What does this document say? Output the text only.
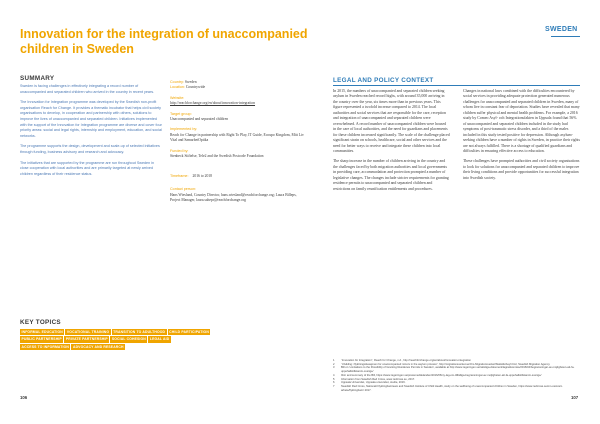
Innovation for the integration of unaccompanied children in Sweden
SWEDEN
SUMMARY

Sweden is facing challenges in effectively integrating a record number of unaccompanied and separated children who arrived in the country in recent years.

The Innovation for Integration programme was developed by the Swedish non-profit organisation Reach for Change. It provides a thematic incubator that helps civil society organisations to develop, in cooperation and partnership with others, solutions to improve the lives of unaccompanied and separated children. Initiatives implemented with the support of the Innovation for Integration programme are diverse and cover four priority areas: social and legal rights, internship and employment, education, and social networks.

The programme supports the design, development and scale-up of selected initiatives through funding, business advisory and research and advocacy.

The initiatives that are supported by the programme are run throughout Sweden in close cooperation with local authorities and are primarily targeted at newly arrived children regardless of their residence status.

Country: Sweden
Location: Countrywide
Website:
http://reachforchange.org/en/about/innovation-integration
Target group:
Unaccompanied and separated children
Implemented by:
Reach for Change in partnership with Right To Play, IT Guide, Ecoupo Kingdom, Mitt Liv Vital and SamarbetOptika
Funded by:
Stenbeck Stiftelse, Tele2 and the Swedish Postcode Foundation
Timeframe: 2016 to 2018
Contact person:
Hans Wiesland, Country Director, hans.wiesland@reachforchange.org; Laura Billeps, Project Manager, laura.sahepr@reachforchange.org
LEGAL AND POLICY CONTEXT

In 2015, the numbers of unaccompanied and separated children seeking asylum in Sweden reached record highs, with around 35,000 arriving in the country over the year, six times more than in previous years. This figure represented a twofold increase compared to 2014. The local authorities and social services that are responsible for the care, reception and integration of unaccompanied and separated children were overwhelmed. A record number of unaccompanied children were housed in the care of local authorities, and the need for guardians and placements for these children increased significantly. The scale of the challenge placed significant strain on schools, healthcare, social and other services and the need for better ways to receive and integrate these children into local communities.

The sharp increase in the number of children arriving in the country and the challenges faced by both migration authorities and local governments in providing care, accommodation and protection prompted a number of legislative changes. The changes include stricter requirements for granting residence permits to unaccompanied and separated children and restrictions on family reunification entitlements and procedures.

Changes in national laws combined with the difficulties encountered by social services in providing adequate protection generated numerous challenges for unaccompanied and separated children in Sweden, many of whom live in constant fear of deportation. Studies have revealed that many children suffer physical and mental health problems. For example, a 2016 study by Comeo Asyl- och Integrationsfakten in Uppsala found that 56% of unaccompanied and separated children included in the study had symptoms of post-traumatic stress disorder, and a third of the males included in this study tested positive for depression. Although asylum-seeking children have a number of rights in Sweden, in practice their rights are not always fulfilled. There is a shortage of qualified guardians and difficulties in ensuring effective access to education.

These challenges have prompted authorities and civil society organisations to look for solutions for unaccompanied and separated children to improve their living conditions and provide opportunities for successful integration into Swedish society.

KEY TOPICS
INFORMAL EDUCATION	VOCATIONAL TRAINING	TRANSITION TO ADULTHOOD	CHILD PARTICIPATION
PUBLIC PARTNERSHIP	PRIVATE PARTNERSHIP	SOCIAL COHESION	LEGAL AID
ACCESS TO INFORMATION	ADVOCACY AND RESEARCH
1	“Innovation for Integration”, Reach for Change, n.d., http://reachforchange.org/en/about/innovation-integration
2	“Utvikling i flyktningsituasjonen for unaccompanied minors in the asylum process”, http://migrationsverket.se/Om-Migrationsverket/Statistik/Asyl.html, Swedish Migration Agency.
3	Bill on ‘Limitations to the Possibility of Granting Residence Permits in Sweden’, available at http://www.regeringen.se/rattsliga-dokument/lagradsremiss/2016/04/begransningar-av-mojligheten-att-fa-uppehallstillstand-i-sverige/
4	Ibid. and summary of the Bill, https://www.regeringen.se/pressmeddelanden/2016/06/ny-lag-om-tillfalliga-begransningar-av-mojligheten-att-fa-uppehallstillstand-i-sverige/
5	Information from Swedish Red Cross, www.redcross.se, 2017.
6	Uppsala Universitet, Uppsala universitet, studie, 2016.
7	Swedish Red Cross, Nationalt Flyktingbarnteam and Swedish Institute of Child Health, study on the wellbeing of unaccompanied children in Sweden, https://www.redcross.se/om-oss/vart-arbete/flyktingbarn/ 2017.
106	107
